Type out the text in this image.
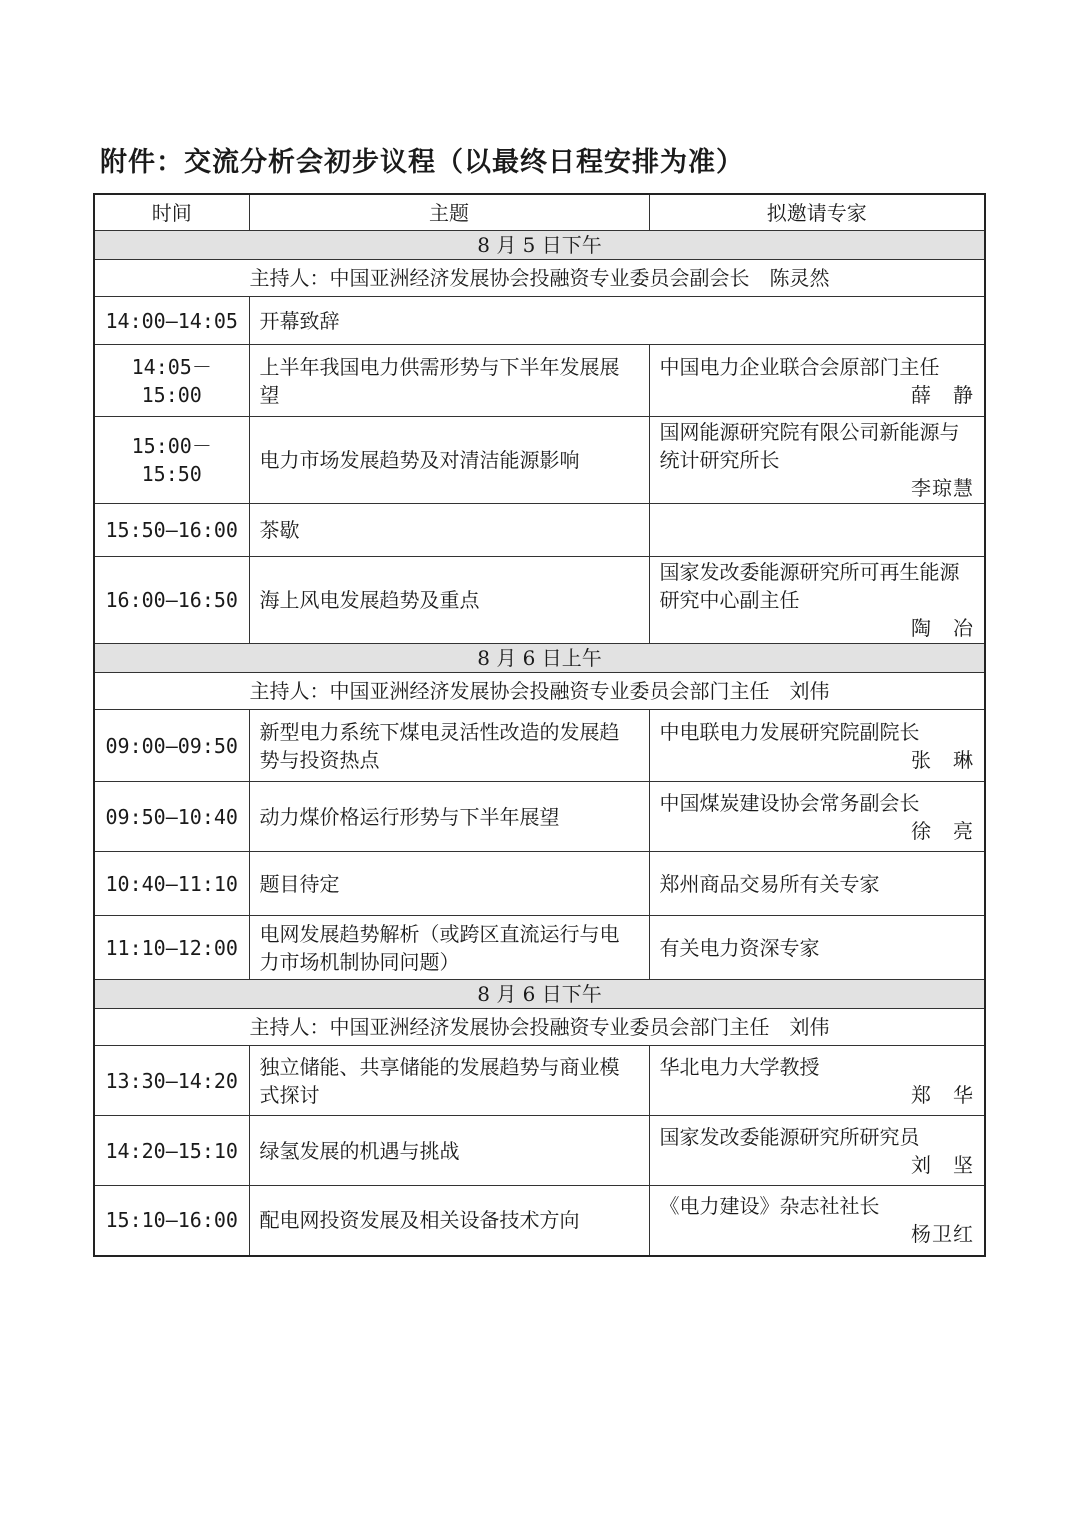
附件：交流分析会初步议程（以最终日程安排为准）
时间	主题	拟邀请专家
8 月 5 日下午		
主持人：中国亚洲经济发展协会投融资专业委员会副会长　陈灵然		
14:00—14:05	开幕致辞	
14:05－15:00	上半年我国电力供需形势与下半年发展展望	中国电力企业联合会原部门主任
薛　静

15:00－15:50	电力市场发展趋势及对清洁能源影响	国网能源研究院有限公司新能源与统计研究所长
李琼慧

15:50—16:00	茶歇	

16:00—16:50	海上风电发展趋势及重点	国家发改委能源研究所可再生能源研究中心副主任
陶　冶

8 月 6 日上午		
主持人：中国亚洲经济发展协会投融资专业委员会部门主任　刘伟		
09:00—09:50	新型电力系统下煤电灵活性改造的发展趋势与投资热点	中电联电力发展研究院副院长
张　琳

09:50—10:40	动力煤价格运行形势与下半年展望	中国煤炭建设协会常务副会长
徐　亮

10:40—11:10	题目待定	郑州商品交易所有关专家

11:10—12:00	电网发展趋势解析（或跨区直流运行与电力市场机制协同问题）	有关电力资深专家

8 月 6 日下午		
主持人：中国亚洲经济发展协会投融资专业委员会部门主任　刘伟		
13:30—14:20	独立储能、共享储能的发展趋势与商业模式探讨	华北电力大学教授
郑　华

14:20—15:10	绿氢发展的机遇与挑战	国家发改委能源研究所研究员
刘　坚

15:10—16:00	配电网投资发展及相关设备技术方向	《电力建设》杂志社社长
杨卫红
